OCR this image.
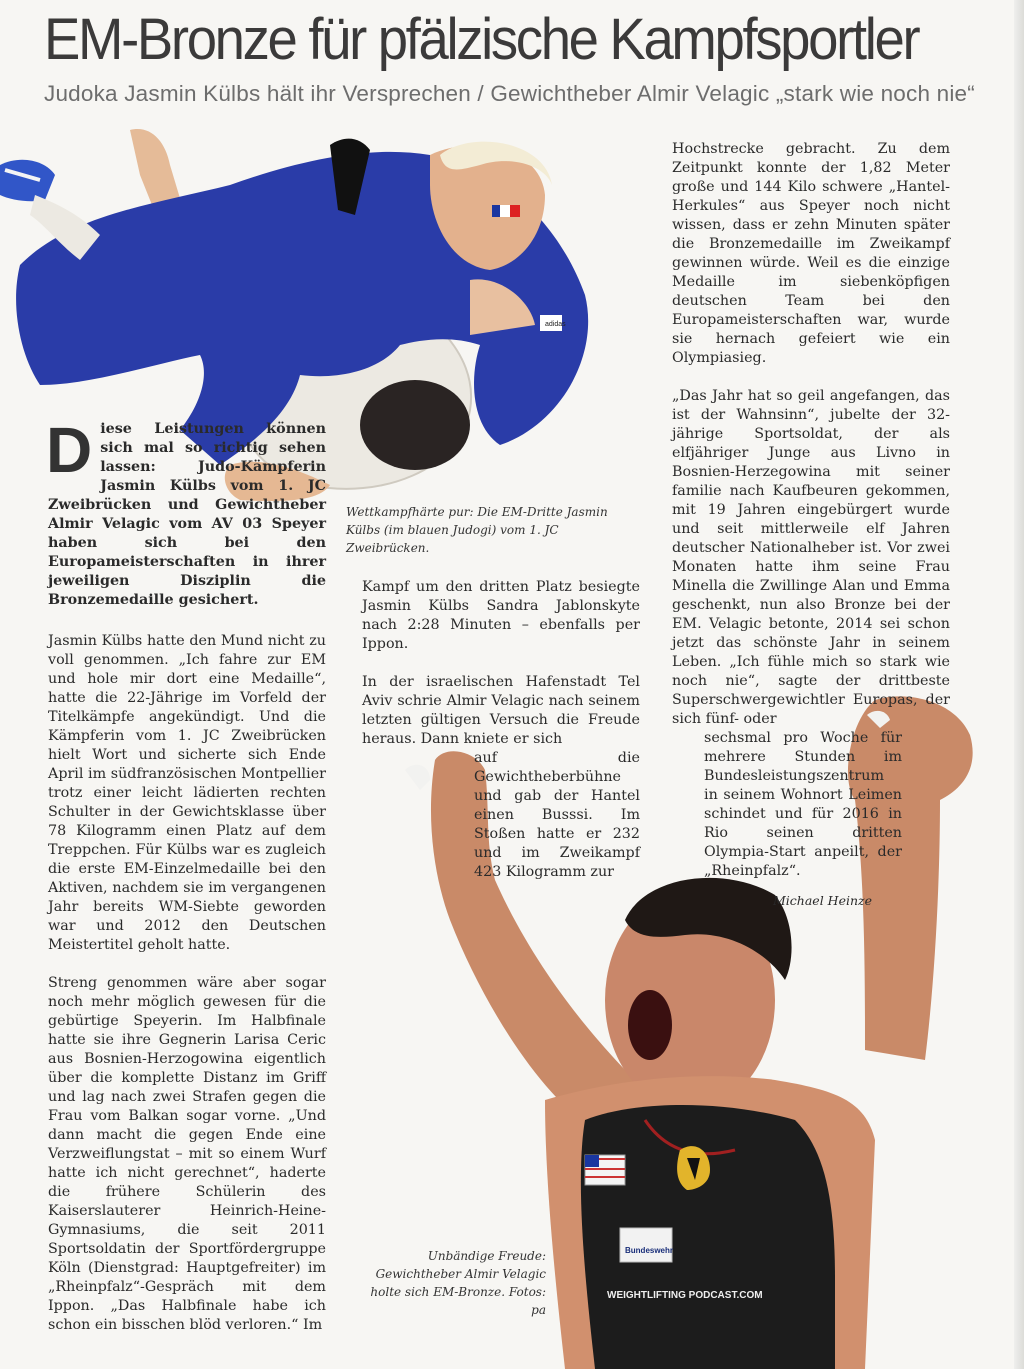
EM-Bronze für pfälzische Kampfsportler
Judoka Jasmin Külbs hält ihr Versprechen / Gewichtheber Almir Velagic „stark wie noch nie“
adidas
Bundeswehr
WEIGHTLIFTING PODCAST.COM

Diese Leistungen können sich mal so richtig sehen lassen: Judo-Kämpferin Jasmin Külbs vom 1. JC Zweibrücken und Gewichtheber Almir Velagic vom AV 03 Speyer haben sich bei den Europameisterschaften in ihrer jeweiligen Disziplin die Bronzemedaille gesichert.

Jasmin Külbs hatte den Mund nicht zu voll genommen. „Ich fahre zur EM und hole mir dort eine Medaille“, hatte die 22-Jährige im Vorfeld der Titelkämpfe angekündigt. Und die Kämpferin vom 1. JC Zweibrücken hielt Wort und sicherte sich Ende April im südfranzösischen Montpellier trotz einer leicht lädierten rechten Schulter in der Gewichtsklasse über 78 Kilogramm einen Platz auf dem Treppchen. Für Külbs war es zugleich die erste EM-Einzelmedaille bei den Aktiven, nachdem sie im vergangenen Jahr bereits WM-Siebte geworden war und 2012 den Deutschen Meistertitel geholt hatte.

Streng genommen wäre aber sogar noch mehr möglich gewesen für die gebürtige Speyerin. Im Halbfinale hatte sie ihre Gegnerin Larisa Ceric aus Bosnien-Herzogowina eigentlich über die komplette Distanz im Griff und lag nach zwei Strafen gegen die Frau vom Balkan sogar vorne. „Und dann macht die gegen Ende eine Verzweiflungstat – mit so einem Wurf hatte ich nicht gerechnet“, haderte die frühere Schülerin des Kaiserslauterer Heinrich-Heine-Gymnasiums, die seit 2011 Sportsoldatin der Sportfördergruppe Köln (Dienstgrad: Hauptgefreiter) im „Rheinpfalz“-Gespräch mit dem Ippon. „Das Halbfinale habe ich schon ein bisschen blöd verloren.“ Im

Wettkampfhärte pur: Die EM-Dritte Jasmin Külbs (im blauen Judogi) vom 1. JC Zweibrücken.

Kampf um den dritten Platz besiegte Jasmin Külbs Sandra Jablonskyte nach 2:28 Minuten – ebenfalls per Ippon.

In der israelischen Hafenstadt Tel Aviv schrie Almir Velagic nach seinem letzten gültigen Versuch die Freude heraus. Dann kniete er sich

auf die Gewichtheberbühne und gab der Hantel einen Busssi. Im Stoßen hatte er 232 und im Zweikampf 423 Kilogramm zur

Hochstrecke gebracht. Zu dem Zeitpunkt konnte der 1,82 Meter große und 144 Kilo schwere „Hantel-Herkules“ aus Speyer noch nicht wissen, dass er zehn Minuten später die Bronzemedaille im Zweikampf gewinnen würde. Weil es die einzige Medaille im siebenköpfigen deutschen Team bei den Europameisterschaften war, wurde sie hernach gefeiert wie ein Olympiasieg.

„Das Jahr hat so geil angefangen, das ist der Wahnsinn“, jubelte der 32-jährige Sportsoldat, der als elfjähriger Junge aus Livno in Bosnien-Herzegowina mit seiner familie nach Kaufbeuren gekommen, mit 19 Jahren eingebürgert wurde und seit mittlerweile elf Jahren deutscher Nationalheber ist. Vor zwei Monaten hatte ihm seine Frau Minella die Zwillinge Alan und Emma geschenkt, nun also Bronze bei der EM. Velagic betonte, 2014 sei schon jetzt das schönste Jahr in seinem Leben. „Ich fühle mich so stark wie noch nie“, sagte der drittbeste Superschwergewichtler Europas, der sich fünf- oder

sechsmal pro Woche für mehrere Stunden im Bundesleistungszentrum in seinem Wohnort Leimen schindet und für 2016 in Rio seinen dritten Olympia-Start anpeilt, der „Rheinpfalz“.

Michael Heinze
Unbändige Freude: Gewichtheber Almir Velagic holte sich EM-Bronze. Fotos: pa
